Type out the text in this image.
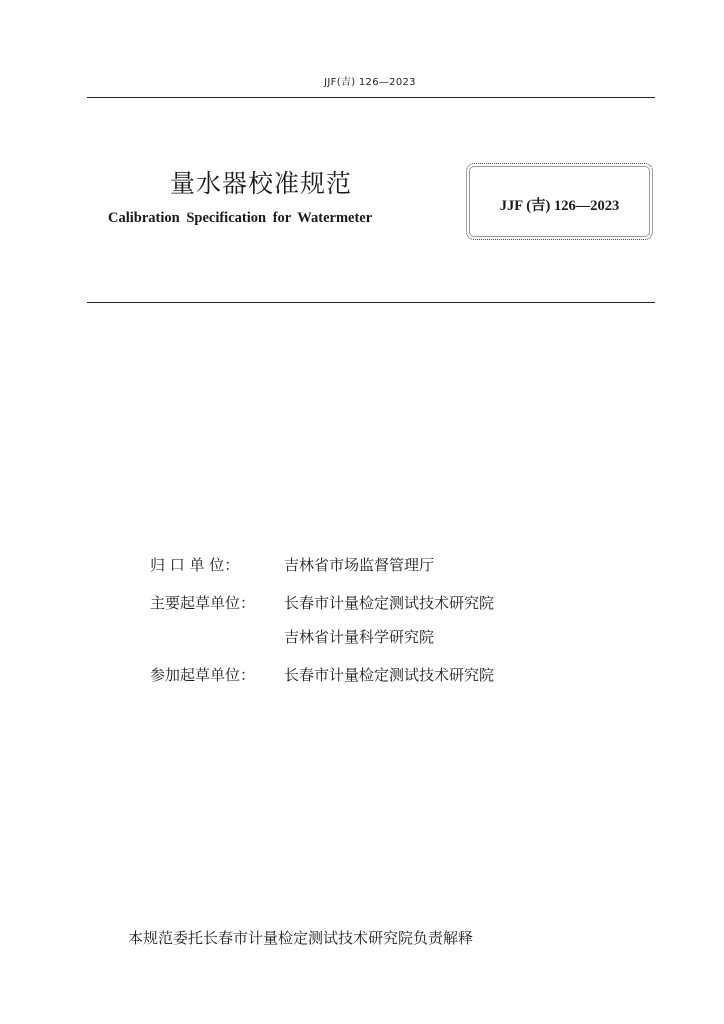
JJF(吉) 126—2023
量水器校准规范
Calibration Specification for Watermeter
JJF (吉) 126—2023
归 口 单 位：	吉林省市场监督管理厅
主要起草单位： 长春市计量检定测试技术研究院
吉林省计量科学研究院
参加起草单位： 长春市计量检定测试技术研究院
本规范委托长春市计量检定测试技术研究院负责解释
